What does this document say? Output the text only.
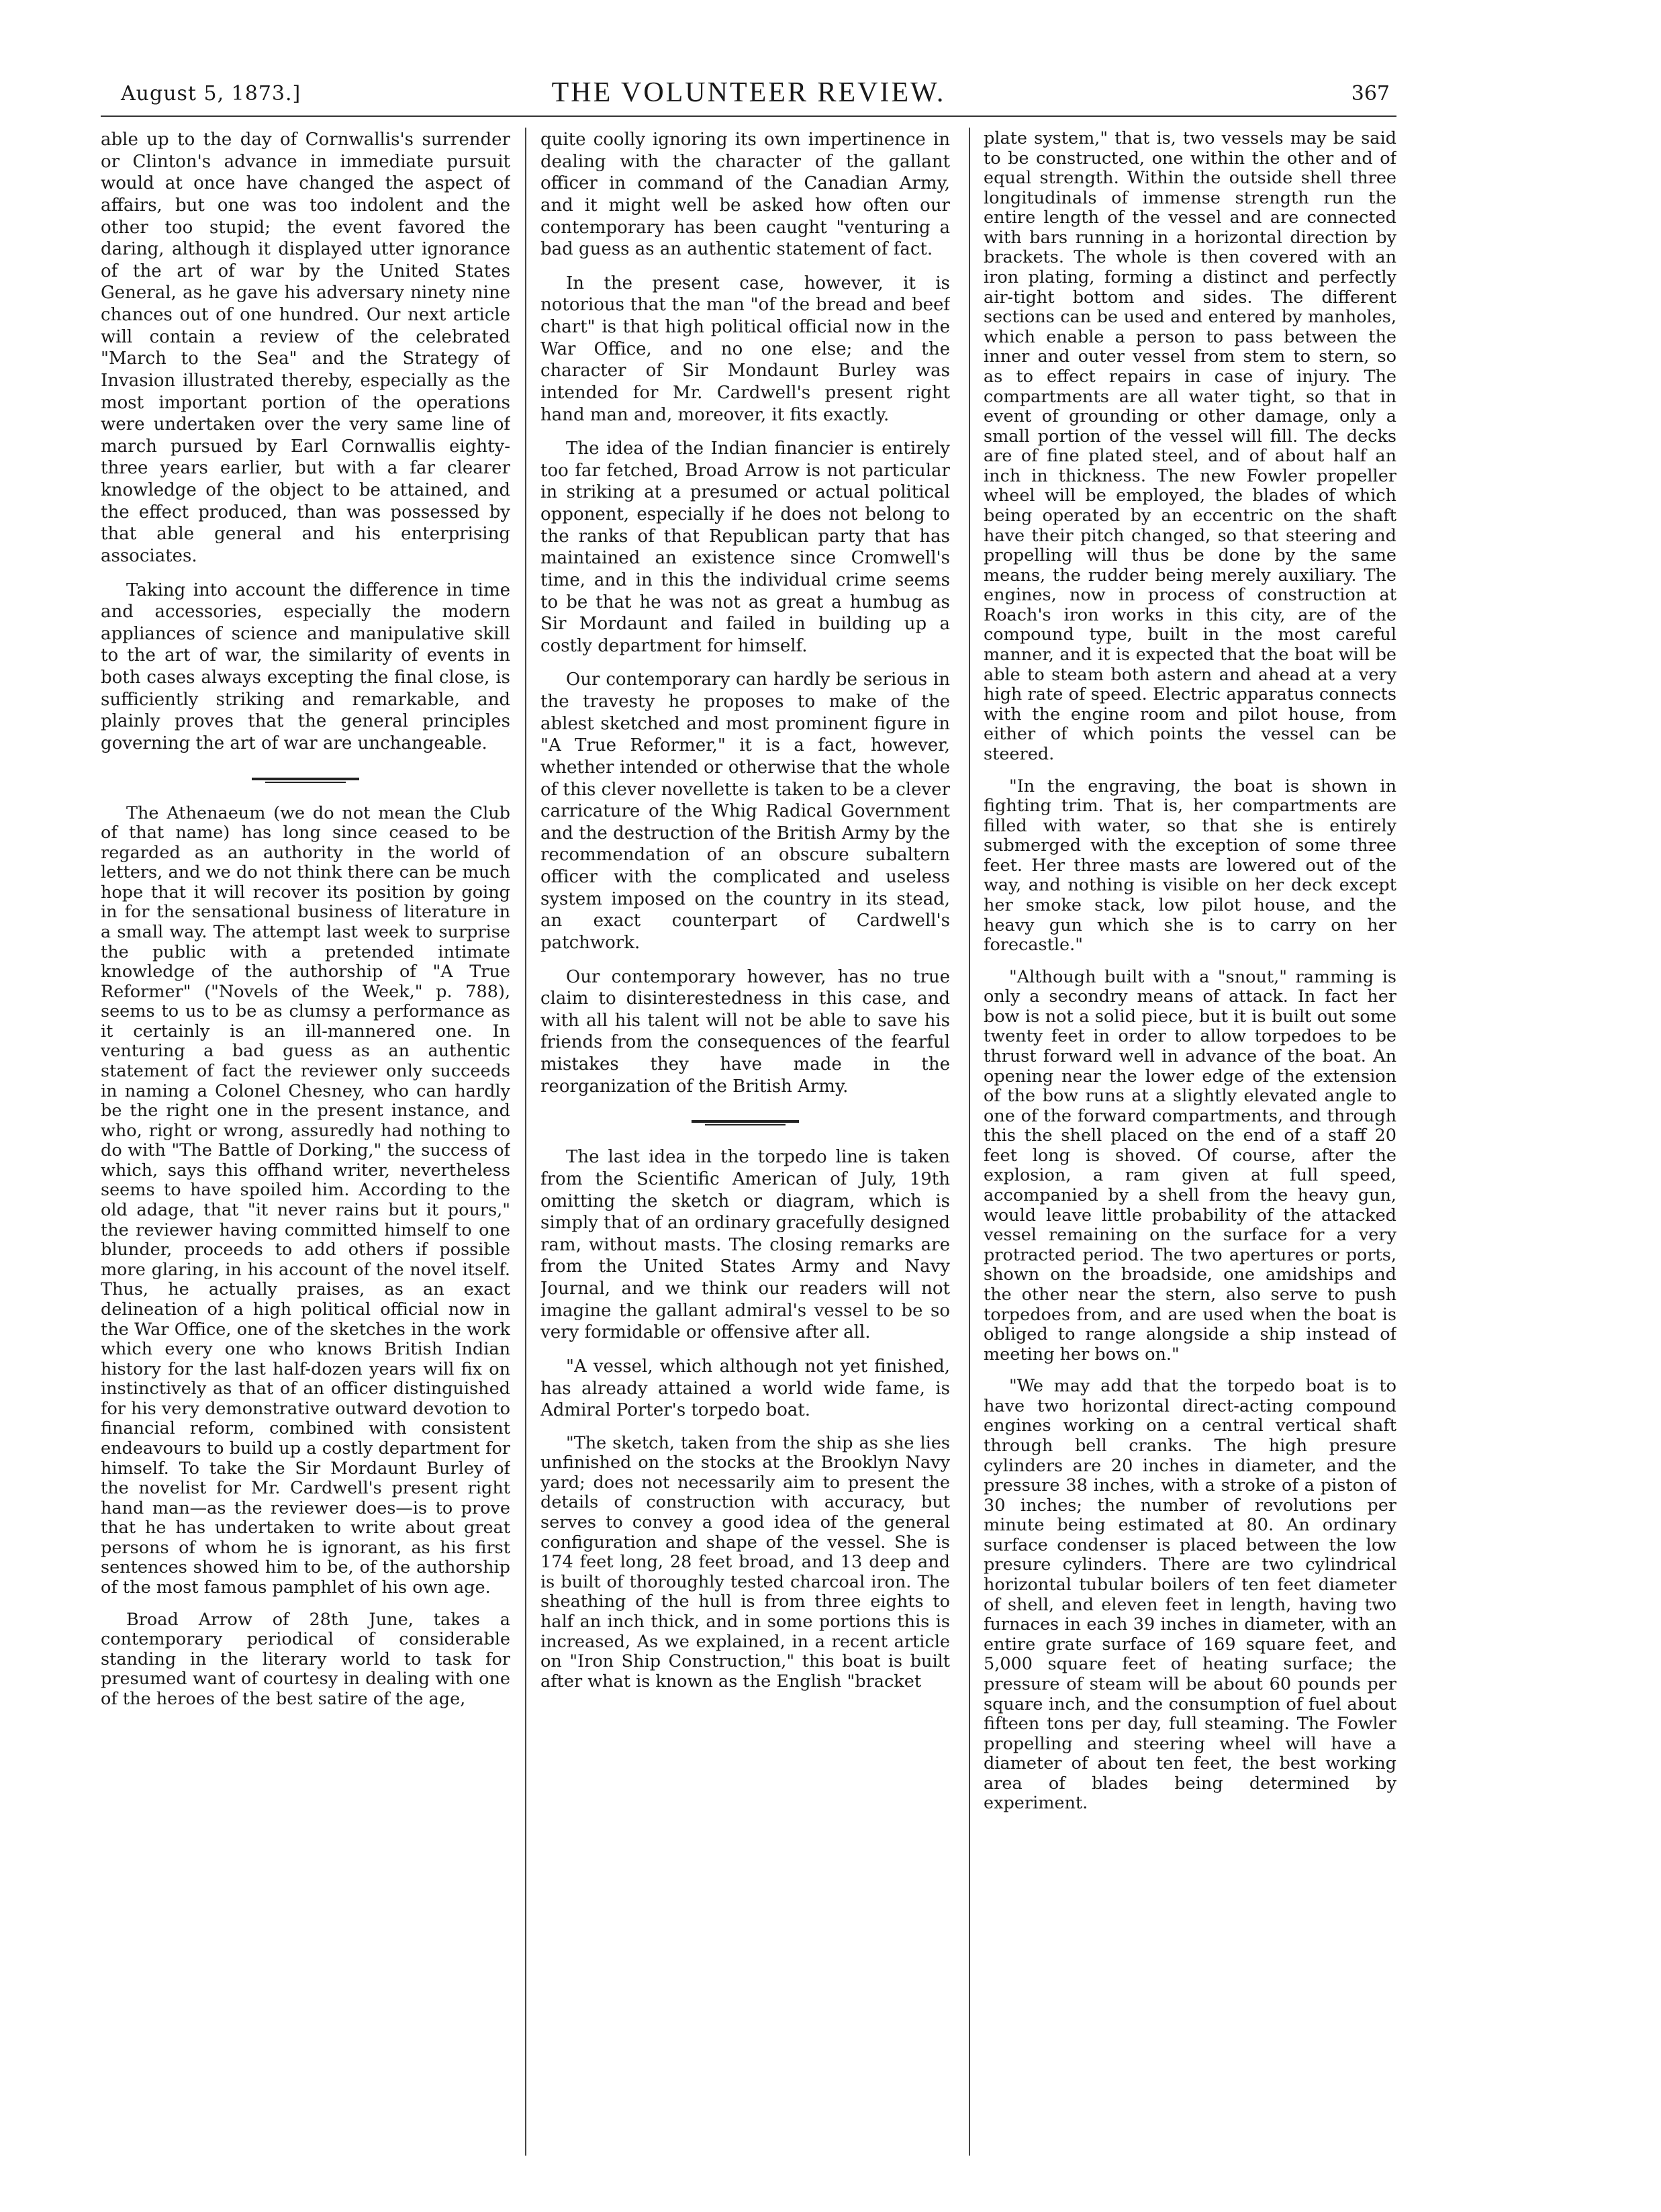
August 5, 1873.]	THE VOLUNTEER REVIEW.	367

able up to the day of Cornwallis's surrender or Clinton's advance in immediate pursuit would at once have changed the aspect of affairs, but one was too indolent and the other too stupid; the event favored the daring, although it displayed utter ignorance of the art of war by the United States General, as he gave his adversary ninety nine chances out of one hundred. Our next article will contain a review of the celebrated "March to the Sea" and the Strategy of Invasion illustrated thereby, especially as the most important portion of the operations were undertaken over the very same line of march pursued by Earl Cornwallis eighty-three years earlier, but with a far clearer knowledge of the object to be attained, and the effect produced, than was possessed by that able general and his enterprising associates.

Taking into account the difference in time and accessories, especially the modern appliances of science and manipulative skill to the art of war, the similarity of events in both cases always excepting the final close, is sufficiently striking and remarkable, and plainly proves that the general principles governing the art of war are unchangeable.

The Athenaeum (we do not mean the Club of that name) has long since ceased to be regarded as an authority in the world of letters, and we do not think there can be much hope that it will recover its position by going in for the sensational business of literature in a small way. The attempt last week to surprise the public with a pretended intimate knowledge of the authorship of "A True Reformer" ("Novels of the Week," p. 788), seems to us to be as clumsy a performance as it certainly is an ill-mannered one. In venturing a bad guess as an authentic statement of fact the reviewer only succeeds in naming a Colonel Chesney, who can hardly be the right one in the present instance, and who, right or wrong, assuredly had nothing to do with "The Battle of Dorking," the success of which, says this offhand writer, nevertheless seems to have spoiled him. According to the old adage, that "it never rains but it pours," the reviewer having committed himself to one blunder, proceeds to add others if possible more glaring, in his account of the novel itself. Thus, he actually praises, as an exact delineation of a high political official now in the War Office, one of the sketches in the work which every one who knows British Indian history for the last half-dozen years will fix on instinctively as that of an officer distinguished for his very demonstrative outward devotion to financial reform, combined with consistent endeavours to build up a costly department for himself. To take the Sir Mordaunt Burley of the novelist for Mr. Cardwell's present right hand man—as the reviewer does—is to prove that he has undertaken to write about great persons of whom he is ignorant, as his first sentences showed him to be, of the authorship of the most famous pamphlet of his own age.

Broad Arrow of 28th June, takes a contemporary periodical of considerable standing in the literary world to task for presumed want of courtesy in dealing with one of the heroes of the best satire of the age,

quite coolly ignoring its own impertinence in dealing with the character of the gallant officer in command of the Canadian Army, and it might well be asked how often our contemporary has been caught "venturing a bad guess as an authentic statement of fact.

In the present case, however, it is notorious that the man "of the bread and beef chart" is that high political official now in the War Office, and no one else; and the character of Sir Mondaunt Burley was intended for Mr. Cardwell's present right hand man and, moreover, it fits exactly.

The idea of the Indian financier is entirely too far fetched, Broad Arrow is not particular in striking at a presumed or actual political opponent, especially if he does not belong to the ranks of that Republican party that has maintained an existence since Cromwell's time, and in this the individual crime seems to be that he was not as great a humbug as Sir Mordaunt and failed in building up a costly department for himself.

Our contemporary can hardly be serious in the travesty he proposes to make of the ablest sketched and most prominent figure in "A True Reformer," it is a fact, however, whether intended or otherwise that the whole of this clever novellette is taken to be a clever carricature of the Whig Radical Government and the destruction of the British Army by the recommendation of an obscure subaltern officer with the complicated and useless system imposed on the country in its stead, an exact counterpart of Cardwell's patchwork.

Our contemporary however, has no true claim to disinterestedness in this case, and with all his talent will not be able to save his friends from the consequences of the fearful mistakes they have made in the reorganization of the British Army.

The last idea in the torpedo line is taken from the Scientific American of July, 19th omitting the sketch or diagram, which is simply that of an ordinary gracefully designed ram, without masts. The closing remarks are from the United States Army and Navy Journal, and we think our readers will not imagine the gallant admiral's vessel to be so very formidable or offensive after all.

"A vessel, which although not yet finished, has already attained a world wide fame, is Admiral Porter's torpedo boat.

"The sketch, taken from the ship as she lies unfinished on the stocks at the Brooklyn Navy yard; does not necessarily aim to present the details of construction with accuracy, but serves to convey a good idea of the general configuration and shape of the vessel. She is 174 feet long, 28 feet broad, and 13 deep and is built of thoroughly tested charcoal iron. The sheathing of the hull is from three eights to half an inch thick, and in some portions this is increased, As we explained, in a recent article on "Iron Ship Construction," this boat is built after what is known as the English "bracket

plate system," that is, two vessels may be said to be constructed, one within the other and of equal strength. Within the outside shell three longitudinals of immense strength run the entire length of the vessel and are connected with bars running in a horizontal direction by brackets. The whole is then covered with an iron plating, forming a distinct and perfectly air-tight bottom and sides. The different sections can be used and entered by manholes, which enable a person to pass between the inner and outer vessel from stem to stern, so as to effect repairs in case of injury. The compartments are all water tight, so that in event of grounding or other damage, only a small portion of the vessel will fill. The decks are of fine plated steel, and of about half an inch in thickness. The new Fowler propeller wheel will be employed, the blades of which being operated by an eccentric on the shaft have their pitch changed, so that steering and propelling will thus be done by the same means, the rudder being merely auxiliary. The engines, now in process of construction at Roach's iron works in this city, are of the compound type, built in the most careful manner, and it is expected that the boat will be able to steam both astern and ahead at a very high rate of speed. Electric apparatus connects with the engine room and pilot house, from either of which points the vessel can be steered.

"In the engraving, the boat is shown in fighting trim. That is, her compartments are filled with water, so that she is entirely submerged with the exception of some three feet. Her three masts are lowered out of the way, and nothing is visible on her deck except her smoke stack, low pilot house, and the heavy gun which she is to carry on her forecastle."

"Although built with a "snout," ramming is only a secondry means of attack. In fact her bow is not a solid piece, but it is built out some twenty feet in order to allow torpedoes to be thrust forward well in advance of the boat. An opening near the lower edge of the extension of the bow runs at a slightly elevated angle to one of the forward compartments, and through this the shell placed on the end of a staff 20 feet long is shoved. Of course, after the explosion, a ram given at full speed, accompanied by a shell from the heavy gun, would leave little probability of the attacked vessel remaining on the surface for a very protracted period. The two apertures or ports, shown on the broadside, one amidships and the other near the stern, also serve to push torpedoes from, and are used when the boat is obliged to range alongside a ship instead of meeting her bows on."

"We may add that the torpedo boat is to have two horizontal direct-acting compound engines working on a central vertical shaft through bell cranks. The high presure cylinders are 20 inches in diameter, and the pressure 38 inches, with a stroke of a piston of 30 inches; the number of revolutions per minute being estimated at 80. An ordinary surface condenser is placed between the low presure cylinders. There are two cylindrical horizontal tubular boilers of ten feet diameter of shell, and eleven feet in length, having two furnaces in each 39 inches in diameter, with an entire grate surface of 169 square feet, and 5,000 square feet of heating surface; the pressure of steam will be about 60 pounds per square inch, and the consumption of fuel about fifteen tons per day, full steaming. The Fowler propelling and steering wheel will have a diameter of about ten feet, the best working area of blades being determined by experiment.
